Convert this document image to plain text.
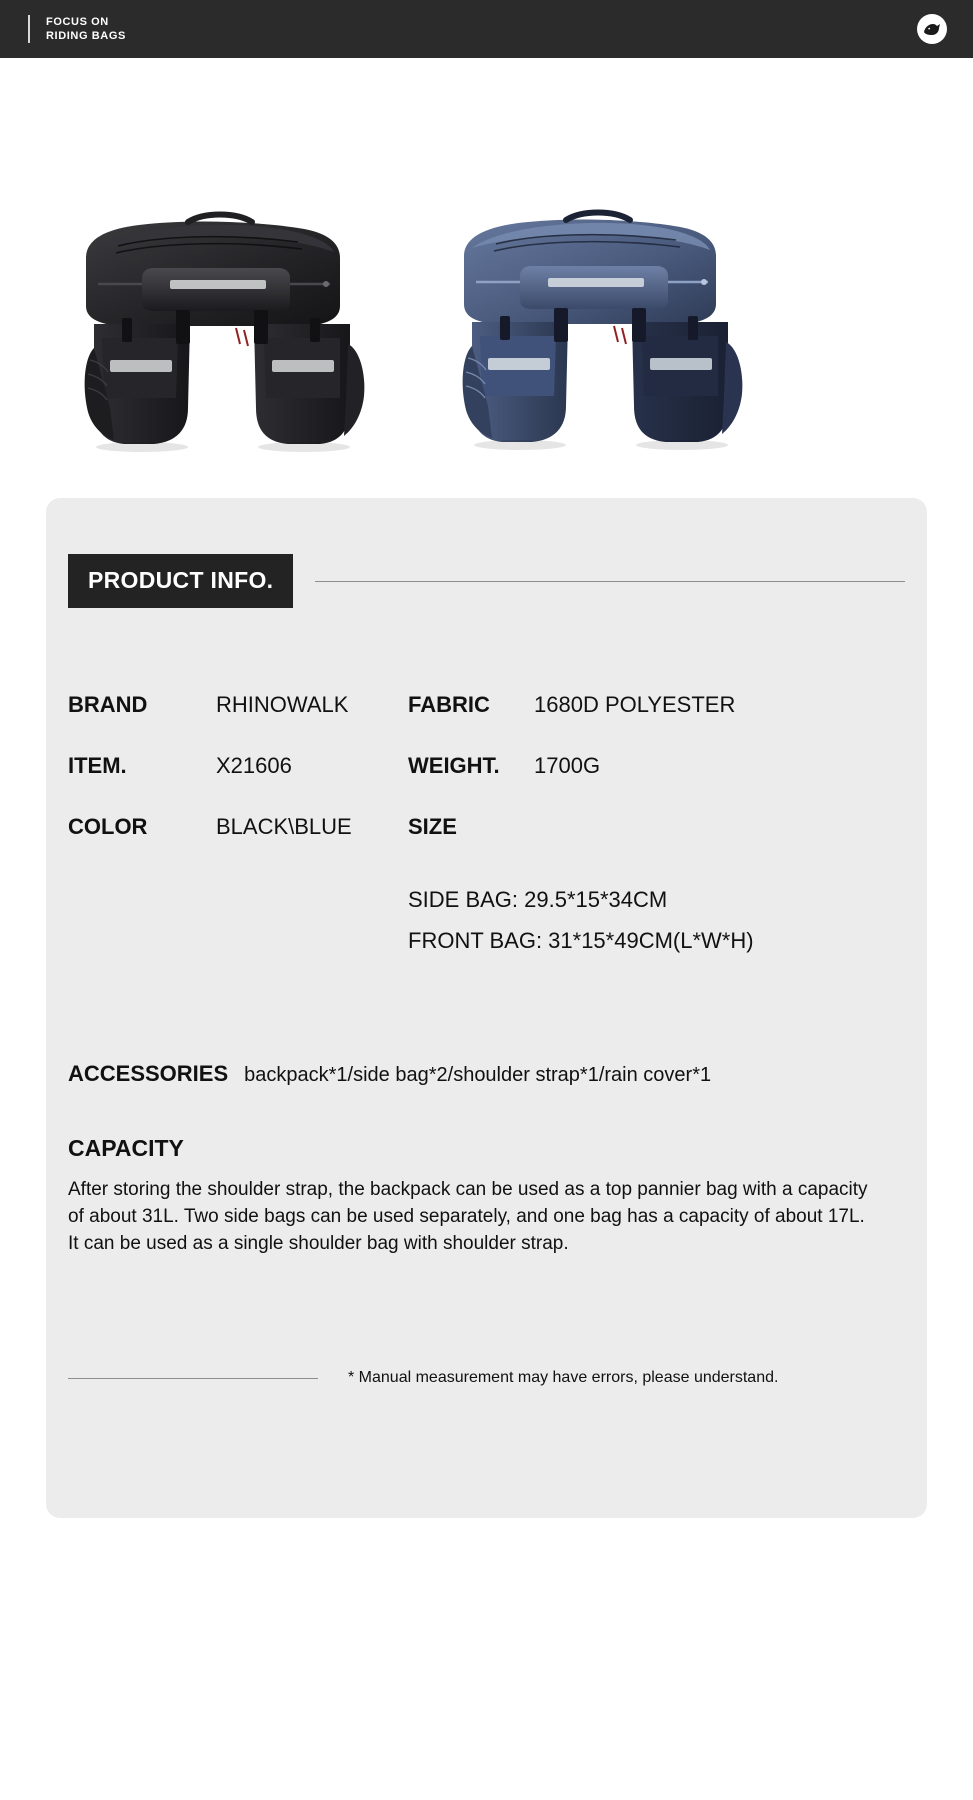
FOCUS ON
RIDING BAGS
PRODUCT INFO.
BRAND	RHINOWALK	FABRIC	1680D POLYESTER
ITEM.	X21606	WEIGHT.	1700G
COLOR	BLACK\BLUE	SIZE
SIDE BAG: 29.5*15*34CM
FRONT BAG: 31*15*49CM(L*W*H)
ACCESSORIES backpack*1/side bag*2/shoulder strap*1/rain cover*1
CAPACITY
After storing the shoulder strap, the backpack can be used as a top pannier bag with a capacity of about 31L. Two side bags can be used separately, and one bag has a capacity of about 17L. It can be used as a single shoulder bag with shoulder strap.
* Manual measurement may have errors, please understand.
